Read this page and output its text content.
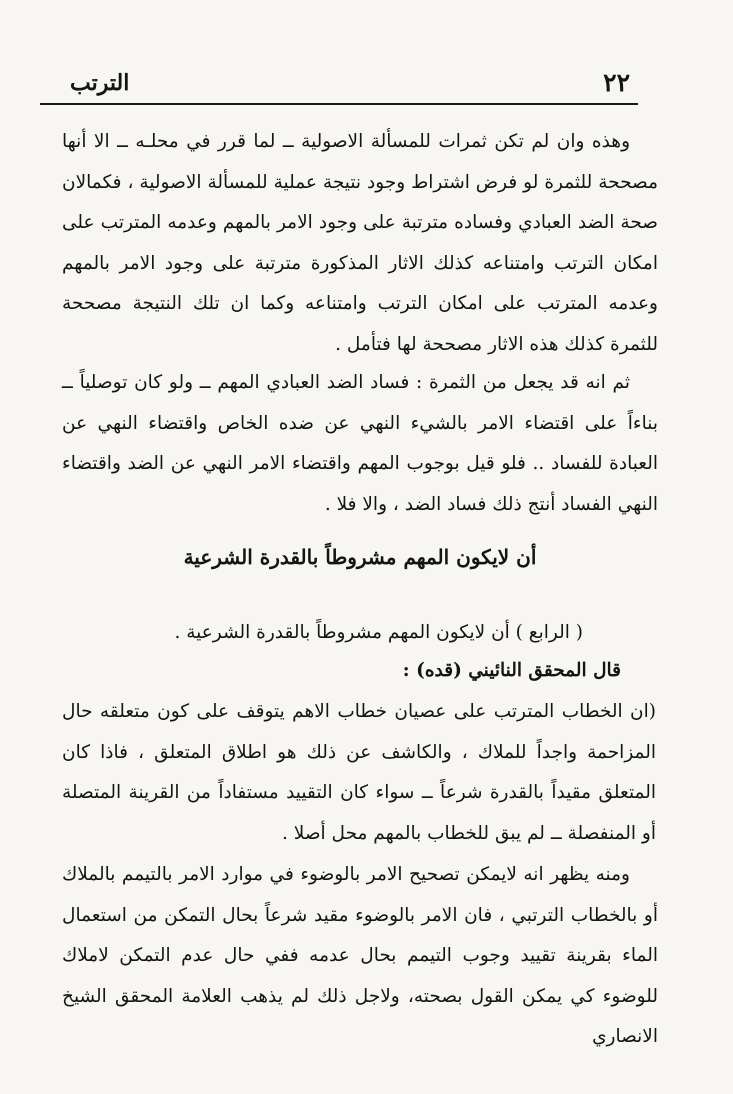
٢٢
الترتب

وهذه وان لم تكن ثمرات للمسألة الاصولية ــ لما قرر في محلـه ــ الا أنها مصححة للثمرة لو فرض اشتراط وجود نتيجة عملية للمسألة الاصولية ، فكمالان صحة الضد العبادي وفساده مترتبة على وجود الامر بالمهم وعدمه المترتب على امكان الترتب وامتناعه كذلك الاثار المذكورة مترتبة على وجود الامر بالمهم وعدمه المترتب على امكان الترتب وامتناعه وكما ان تلك النتيجة مصححة للثمرة كذلك هذه الاثار مصححة لها فتأمل .

ثم انه قد يجعل من الثمرة : فساد الضد العبادي المهم ــ ولو كان توصلياً ــ بناءاً على اقتضاء الامر بالشيء النهي عن ضده الخاص واقتضاء النهي عن العبادة للفساد .. فلو قيل بوجوب المهم واقتضاء الامر النهي عن الضد واقتضاء النهي الفساد أنتج ذلك فساد الضد ، والا فلا .

أن لايكون المهم مشروطاً بالقدرة الشرعية
( الرابع ) أن لايكون المهم مشروطاً بالقدرة الشرعية .
قال المحقق النائيني (قده) :

(ان الخطاب المترتب على عصيان خطاب الاهم يتوقف على كون متعلقه حال المزاحمة واجداً للملاك ، والكاشف عن ذلك هو اطلاق المتعلق ، فاذا كان المتعلق مقيداً بالقدرة شرعاً ــ سواء كان التقييد مستفاداً من القرينة المتصلة أو المنفصلة ــ لم يبق للخطاب بالمهم محل أصلا .

ومنه يظهر انه لايمكن تصحيح الامر بالوضوء في موارد الامر بالتيمم بالملاك أو بالخطاب الترتبي ، فان الامر بالوضوء مقيد شرعاً بحال التمكن من استعمال الماء بقرينة تقييد وجوب التيمم بحال عدمه ففي حال عدم التمكن لاملاك للوضوء كي يمكن القول بصحته، ولاجل ذلك لم يذهب العلامة المحقق الشيخ الانصاري
